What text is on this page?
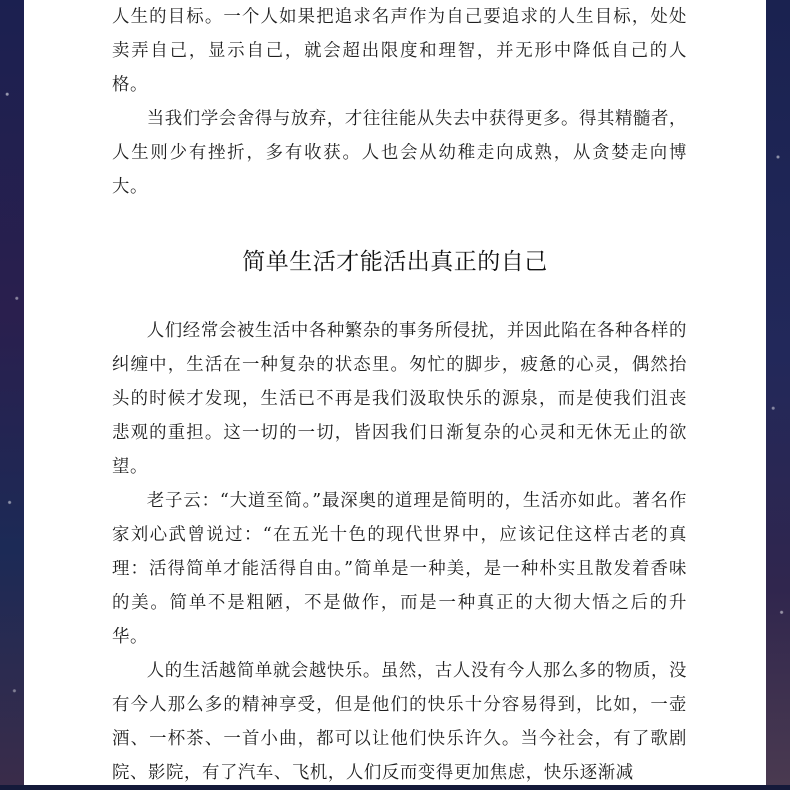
人生的目标。一个人如果把追求名声作为自己要追求的人生目标，处处卖弄自己，显示自己，就会超出限度和理智，并无形中降低自己的人格。

当我们学会舍得与放弃，才往往能从失去中获得更多。得其精髓者，人生则少有挫折，多有收获。人也会从幼稚走向成熟，从贪婪走向博大。

简单生活才能活出真正的自己

人们经常会被生活中各种繁杂的事务所侵扰，并因此陷在各种各样的纠缠中，生活在一种复杂的状态里。匆忙的脚步，疲惫的心灵，偶然抬头的时候才发现，生活已不再是我们汲取快乐的源泉，而是使我们沮丧悲观的重担。这一切的一切，皆因我们日渐复杂的心灵和无休无止的欲望。

老子云：“大道至简。”最深奥的道理是简明的，生活亦如此。著名作家刘心武曾说过：“在五光十色的现代世界中，应该记住这样古老的真理：活得简单才能活得自由。”简单是一种美，是一种朴实且散发着香味的美。简单不是粗陋，不是做作，而是一种真正的大彻大悟之后的升华。

人的生活越简单就会越快乐。虽然，古人没有今人那么多的物质，没有今人那么多的精神享受，但是他们的快乐十分容易得到，比如，一壶酒、一杯茶、一首小曲，都可以让他们快乐许久。当今社会，有了歌剧院、影院，有了汽车、飞机，人们反而变得更加焦虑，快乐逐渐减
